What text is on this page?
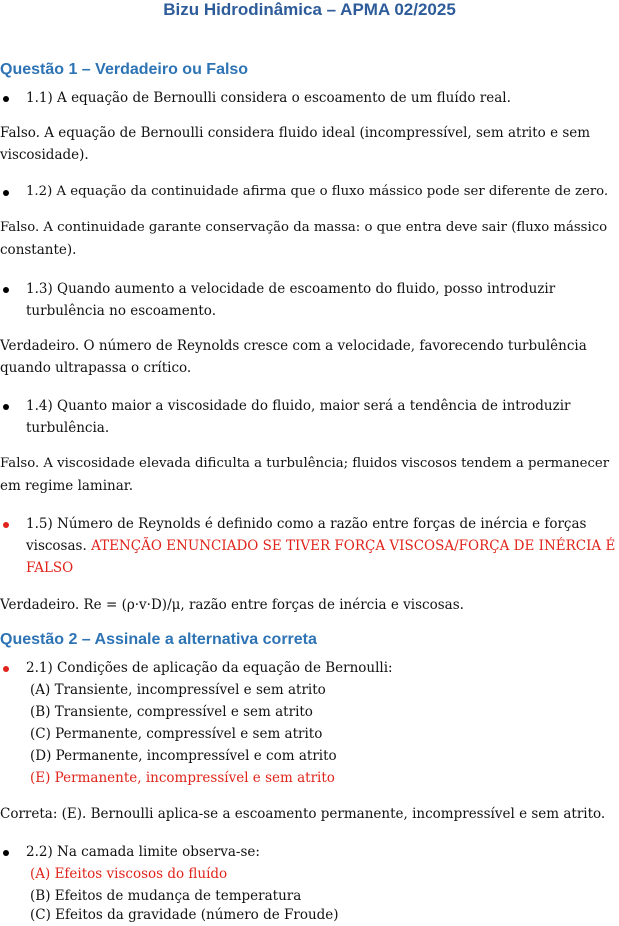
Bizu Hidrodinâmica – APMA 02/2025
Questão 1 – Verdadeiro ou Falso
1.1) A equação de Bernoulli considera o escoamento de um fluído real.
Falso. A equação de Bernoulli considera fluido ideal (incompressível, sem atrito e sem
viscosidade).
1.2) A equação da continuidade afirma que o fluxo mássico pode ser diferente de zero.
Falso. A continuidade garante conservação da massa: o que entra deve sair (fluxo mássico
constante).
1.3) Quando aumento a velocidade de escoamento do fluido, posso introduzir
turbulência no escoamento.
Verdadeiro. O número de Reynolds cresce com a velocidade, favorecendo turbulência
quando ultrapassa o crítico.
1.4) Quanto maior a viscosidade do fluido, maior será a tendência de introduzir
turbulência.
Falso. A viscosidade elevada dificulta a turbulência; fluidos viscosos tendem a permanecer
em regime laminar.
1.5) Número de Reynolds é definido como a razão entre forças de inércia e forças
viscosas. ATENÇÃO ENUNCIADO SE TIVER FORÇA VISCOSA/FORÇA DE INÉRCIA É
FALSO
Verdadeiro. Re = (ρ·v·D)/μ, razão entre forças de inércia e viscosas.
Questão 2 – Assinale a alternativa correta
2.1) Condições de aplicação da equação de Bernoulli:
(A) Transiente, incompressível e sem atrito
(B) Transiente, compressível e sem atrito
(C) Permanente, compressível e sem atrito
(D) Permanente, incompressível e com atrito
(E) Permanente, incompressível e sem atrito
Correta: (E). Bernoulli aplica-se a escoamento permanente, incompressível e sem atrito.
2.2) Na camada limite observa-se:
(A) Efeitos viscosos do fluído
(B) Efeitos de mudança de temperatura
(C) Efeitos da gravidade (número de Froude)
